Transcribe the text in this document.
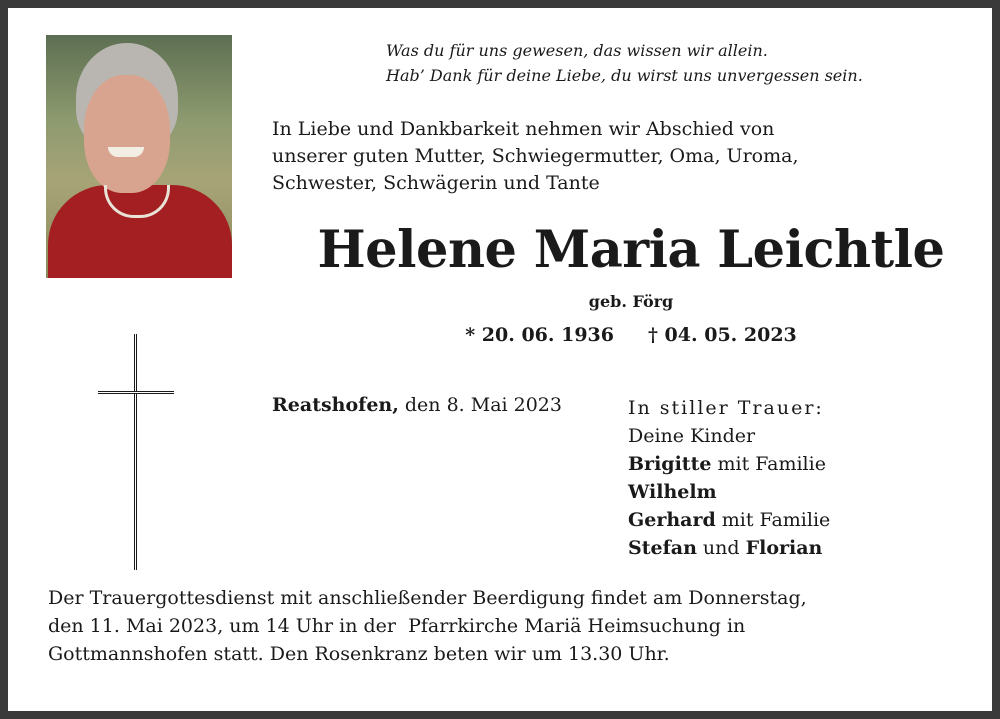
Was du für uns gewesen, das wissen wir allein.
Hab’ Dank für deine Liebe, du wirst uns unvergessen sein.
In Liebe und Dankbarkeit nehmen wir Abschied von
unserer guten Mutter, Schwiegermutter, Oma, Uroma,
Schwester, Schwägerin und Tante
Helene Maria Leichtle
geb. Förg
* 20. 06. 1936 † 04. 05. 2023
Reatshofen, den 8. Mai 2023	In stiller Trauer:
Deine Kinder
Brigitte mit Familie
Wilhelm
Gerhard mit Familie
Stefan und Florian
Der Trauergottesdienst mit anschließender Beerdigung findet am Donnerstag,
den 11. Mai 2023, um 14 Uhr in der  Pfarrkirche Mariä Heimsuchung in
Gottmannshofen statt. Den Rosenkranz beten wir um 13.30 Uhr.
